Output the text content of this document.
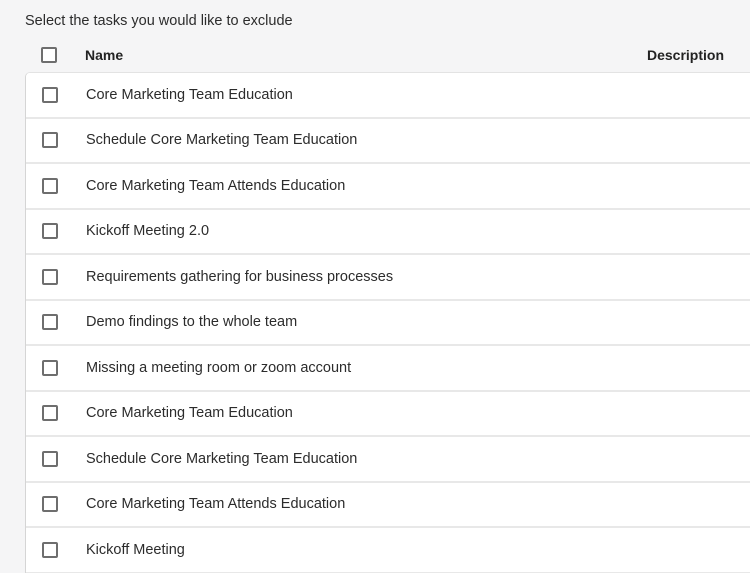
Select the tasks you would like to exclude
Name	Description
Core Marketing Team Education
Schedule Core Marketing Team Education
Core Marketing Team Attends Education
Kickoff Meeting 2.0
Requirements gathering for business processes
Demo findings to the whole team
Missing a meeting room or zoom account
Core Marketing Team Education
Schedule Core Marketing Team Education
Core Marketing Team Attends Education
Kickoff Meeting
